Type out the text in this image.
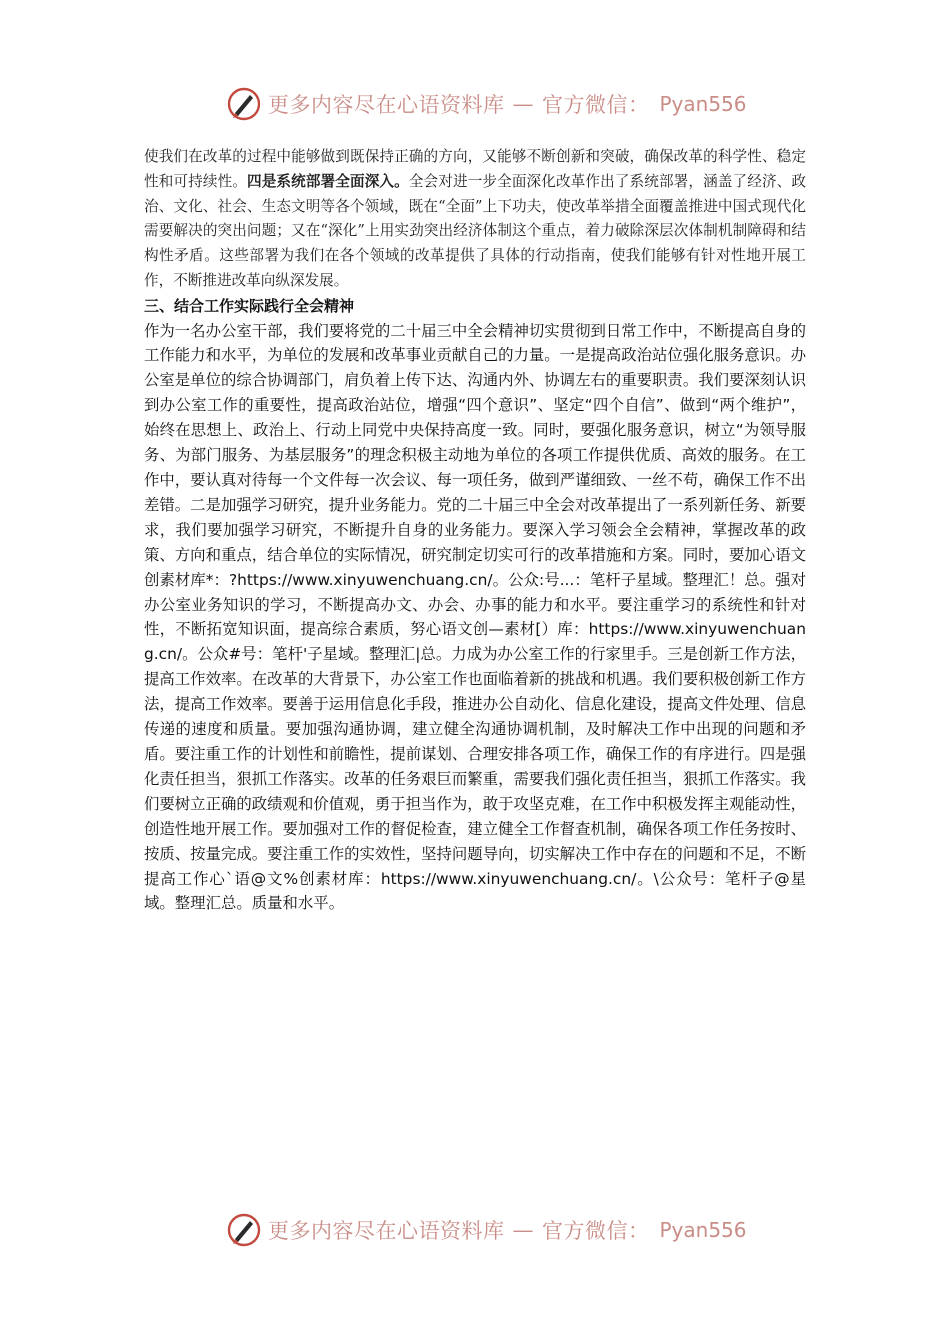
更多内容尽在心语资料库 — 官方微信： Pyan556

使我们在改革的过程中能够做到既保持正确的方向，又能够不断创新和突破，确保改革的科学性、稳定性和可持续性。四是系统部署全面深入。全会对进一步全面深化改革作出了系统部署，涵盖了经济、政治、文化、社会、生态文明等各个领域，既在“全面”上下功夫，使改革举措全面覆盖推进中国式现代化需要解决的突出问题；又在“深化”上用实劲突出经济体制这个重点，着力破除深层次体制机制障碍和结构性矛盾。这些部署为我们在各个领域的改革提供了具体的行动指南，使我们能够有针对性地开展工作，不断推进改革向纵深发展。

三、结合工作实际践行全会精神

作为一名办公室干部，我们要将党的二十届三中全会精神切实贯彻到日常工作中，不断提高自身的工作能力和水平，为单位的发展和改革事业贡献自己的力量。一是提高政治站位强化服务意识。办公室是单位的综合协调部门，肩负着上传下达、沟通内外、协调左右的重要职责。我们要深刻认识到办公室工作的重要性，提高政治站位，增强“四个意识”、坚定“四个自信”、做到“两个维护”，始终在思想上、政治上、行动上同党中央保持高度一致。同时，要强化服务意识，树立“为领导服务、为部门服务、为基层服务”的理念积极主动地为单位的各项工作提供优质、高效的服务。在工作中，要认真对待每一个文件每一次会议、每一项任务，做到严谨细致、一丝不苟，确保工作不出差错。二是加强学习研究，提升业务能力。党的二十届三中全会对改革提出了一系列新任务、新要求，我们要加强学习研究，不断提升自身的业务能力。要深入学习领会全会精神，掌握改革的政策、方向和重点，结合单位的实际情况，研究制定切实可行的改革措施和方案。同时，要加心语文创素材库*：?https://www.xinyuwenchuang.cn/。公众:号...：笔杆子星域。整理汇！总。强对办公室业务知识的学习，不断提高办文、办会、办事的能力和水平。要注重学习的系统性和针对性，不断拓宽知识面，提高综合素质，努心语文创—素材[）库：https://www.xinyuwenchuang.cn/。公众#号：笔杆'子星域。整理汇|总。力成为办公室工作的行家里手。三是创新工作方法，提高工作效率。在改革的大背景下，办公室工作也面临着新的挑战和机遇。我们要积极创新工作方法，提高工作效率。要善于运用信息化手段，推进办公自动化、信息化建设，提高文件处理、信息传递的速度和质量。要加强沟通协调，建立健全沟通协调机制，及时解决工作中出现的问题和矛盾。要注重工作的计划性和前瞻性，提前谋划、合理安排各项工作，确保工作的有序进行。四是强化责任担当，狠抓工作落实。改革的任务艰巨而繁重，需要我们强化责任担当，狠抓工作落实。我们要树立正确的政绩观和价值观，勇于担当作为，敢于攻坚克难，在工作中积极发挥主观能动性，创造性地开展工作。要加强对工作的督促检查，建立健全工作督查机制，确保各项工作任务按时、按质、按量完成。要注重工作的实效性，坚持问题导向，切实解决工作中存在的问题和不足，不断提高工作心`语@文%创素材库：https://www.xinyuwenchuang.cn/。\公众号：笔杆子@星域。整理汇总。质量和水平。

更多内容尽在心语资料库 — 官方微信： Pyan556
